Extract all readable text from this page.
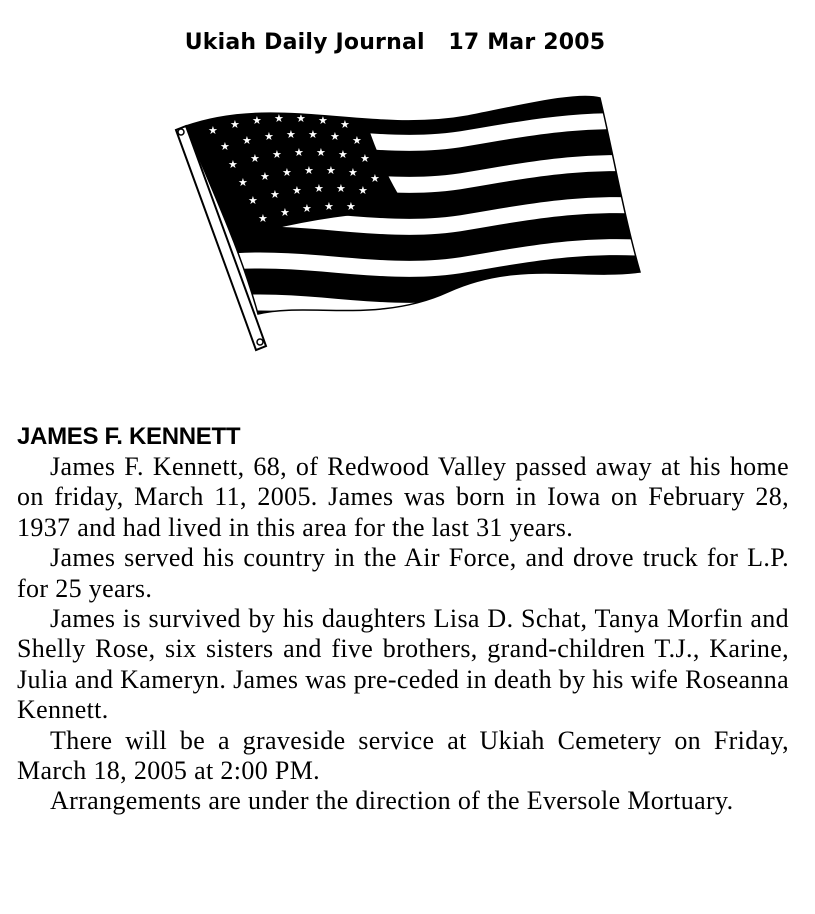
Ukiah Daily Journal 17 Mar 2005
★ ★ ★ ★ ★ ★ ★
★ ★ ★ ★ ★ ★ ★
★ ★ ★ ★ ★ ★ ★
★ ★ ★ ★ ★ ★ ★
★ ★ ★ ★ ★ ★
★ ★ ★ ★ ★
JAMES F. KENNETT

James F. Kennett, 68, of Redwood Valley passed away at his home on friday, March 11, 2005. James was born in Iowa on February 28, 1937 and had lived in this area for the last 31 years.

James served his country in the Air Force, and drove truck for L.P. for 25 years.

James is survived by his daughters Lisa D. Schat, Tanya Morfin and Shelly Rose, six sisters and five brothers, grand-children T.J., Karine, Julia and Kameryn. James was pre-ceded in death by his wife Roseanna Kennett.

There will be a graveside service at Ukiah Cemetery on Friday, March 18, 2005 at 2:00 PM.

Arrangements are under the direction of the Eversole Mortuary.
